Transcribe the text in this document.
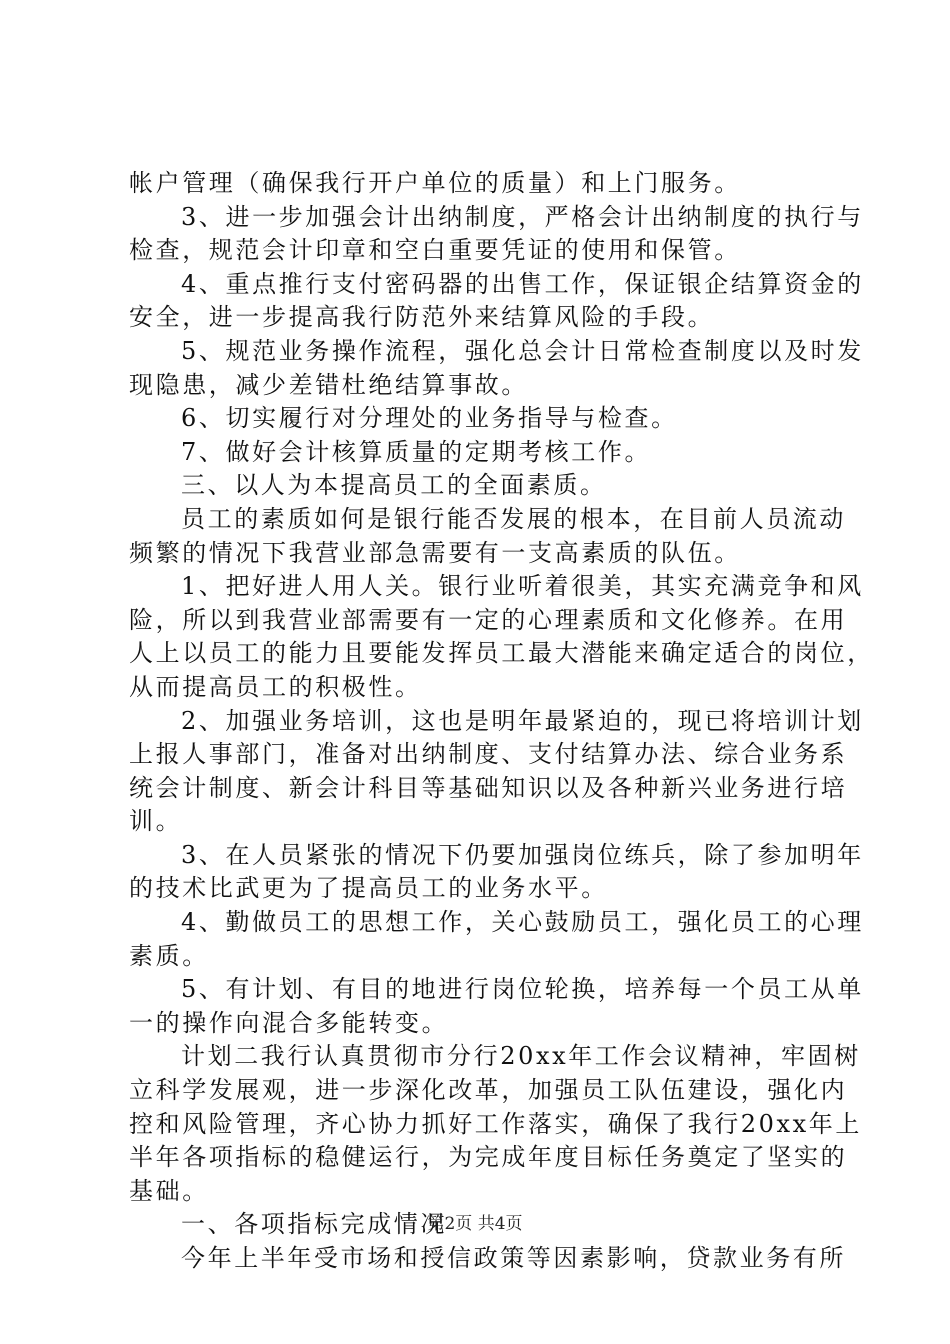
帐户管理（确保我行开户单位的质量）和上门服务。
3、进一步加强会计出纳制度，严格会计出纳制度的执行与
检查，规范会计印章和空白重要凭证的使用和保管。
4、重点推行支付密码器的出售工作，保证银企结算资金的
安全，进一步提高我行防范外来结算风险的手段。
5、规范业务操作流程，强化总会计日常检查制度以及时发
现隐患，减少差错杜绝结算事故。
6、切实履行对分理处的业务指导与检查。
7、做好会计核算质量的定期考核工作。
三、以人为本提高员工的全面素质。
员工的素质如何是银行能否发展的根本，在目前人员流动
频繁的情况下我营业部急需要有一支高素质的队伍。
1、把好进人用人关。银行业听着很美，其实充满竞争和风
险，所以到我营业部需要有一定的心理素质和文化修养。在用
人上以员工的能力且要能发挥员工最大潜能来确定适合的岗位，
从而提高员工的积极性。
2、加强业务培训，这也是明年最紧迫的，现已将培训计划
上报人事部门，准备对出纳制度、支付结算办法、综合业务系
统会计制度、新会计科目等基础知识以及各种新兴业务进行培
训。
3、在人员紧张的情况下仍要加强岗位练兵，除了参加明年
的技术比武更为了提高员工的业务水平。
4、勤做员工的思想工作，关心鼓励员工，强化员工的心理
素质。
5、有计划、有目的地进行岗位轮换，培养每一个员工从单
一的操作向混合多能转变。
计划二我行认真贯彻市分行20xx年工作会议精神，牢固树
立科学发展观，进一步深化改革，加强员工队伍建设，强化内
控和风险管理，齐心协力抓好工作落实，确保了我行20xx年上
半年各项指标的稳健运行，为完成年度目标任务奠定了坚实的
基础。
一、各项指标完成情况
今年上半年受市场和授信政策等因素影响，贷款业务有所
第2页 共4页
